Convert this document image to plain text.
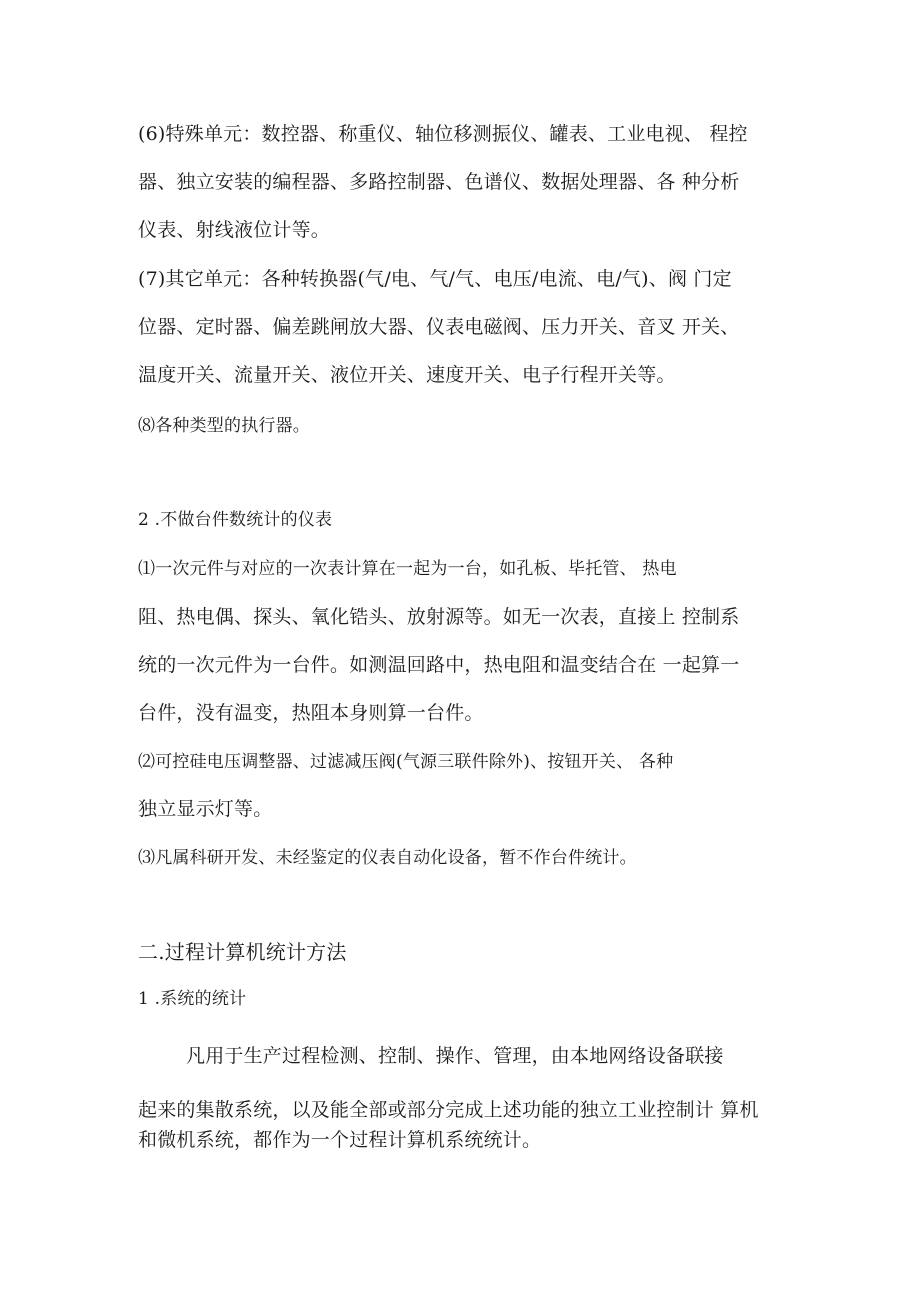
(6)特殊单元：数控器、称重仪、轴位移测振仪、罐表、工业电视、 程控
器、独立安装的编程器、多路控制器、色谱仪、数据处理器、各 种分析
仪表、射线液位计等。
(7)其它单元：各种转换器(气/电、气/气、电压/电流、电/气)、阀 门定
位器、定时器、偏差跳闸放大器、仪表电磁阀、压力开关、音叉 开关、
温度开关、流量开关、液位开关、速度开关、电子行程开关等。
⑻各种类型的执行器。
2 .不做台件数统计的仪表
⑴一次元件与对应的一次表计算在一起为一台，如孔板、毕托管、 热电
阻、热电偶、探头、氧化锆头、放射源等。如无一次表，直接上 控制系
统的一次元件为一台件。如测温回路中，热电阻和温变结合在 一起算一
台件，没有温变，热阻本身则算一台件。
⑵可控硅电压调整器、过滤减压阀(气源三联件除外)、按钮开关、 各种
独立显示灯等。
⑶凡属科研开发、未经鉴定的仪表自动化设备，暂不作台件统计。
二.过程计算机统计方法
1 .系统的统计
凡用于生产过程检测、控制、操作、管理，由本地网络设备联接
起来的集散系统，以及能全部或部分完成上述功能的独立工业控制计 算机
和微机系统，都作为一个过程计算机系统统计。
